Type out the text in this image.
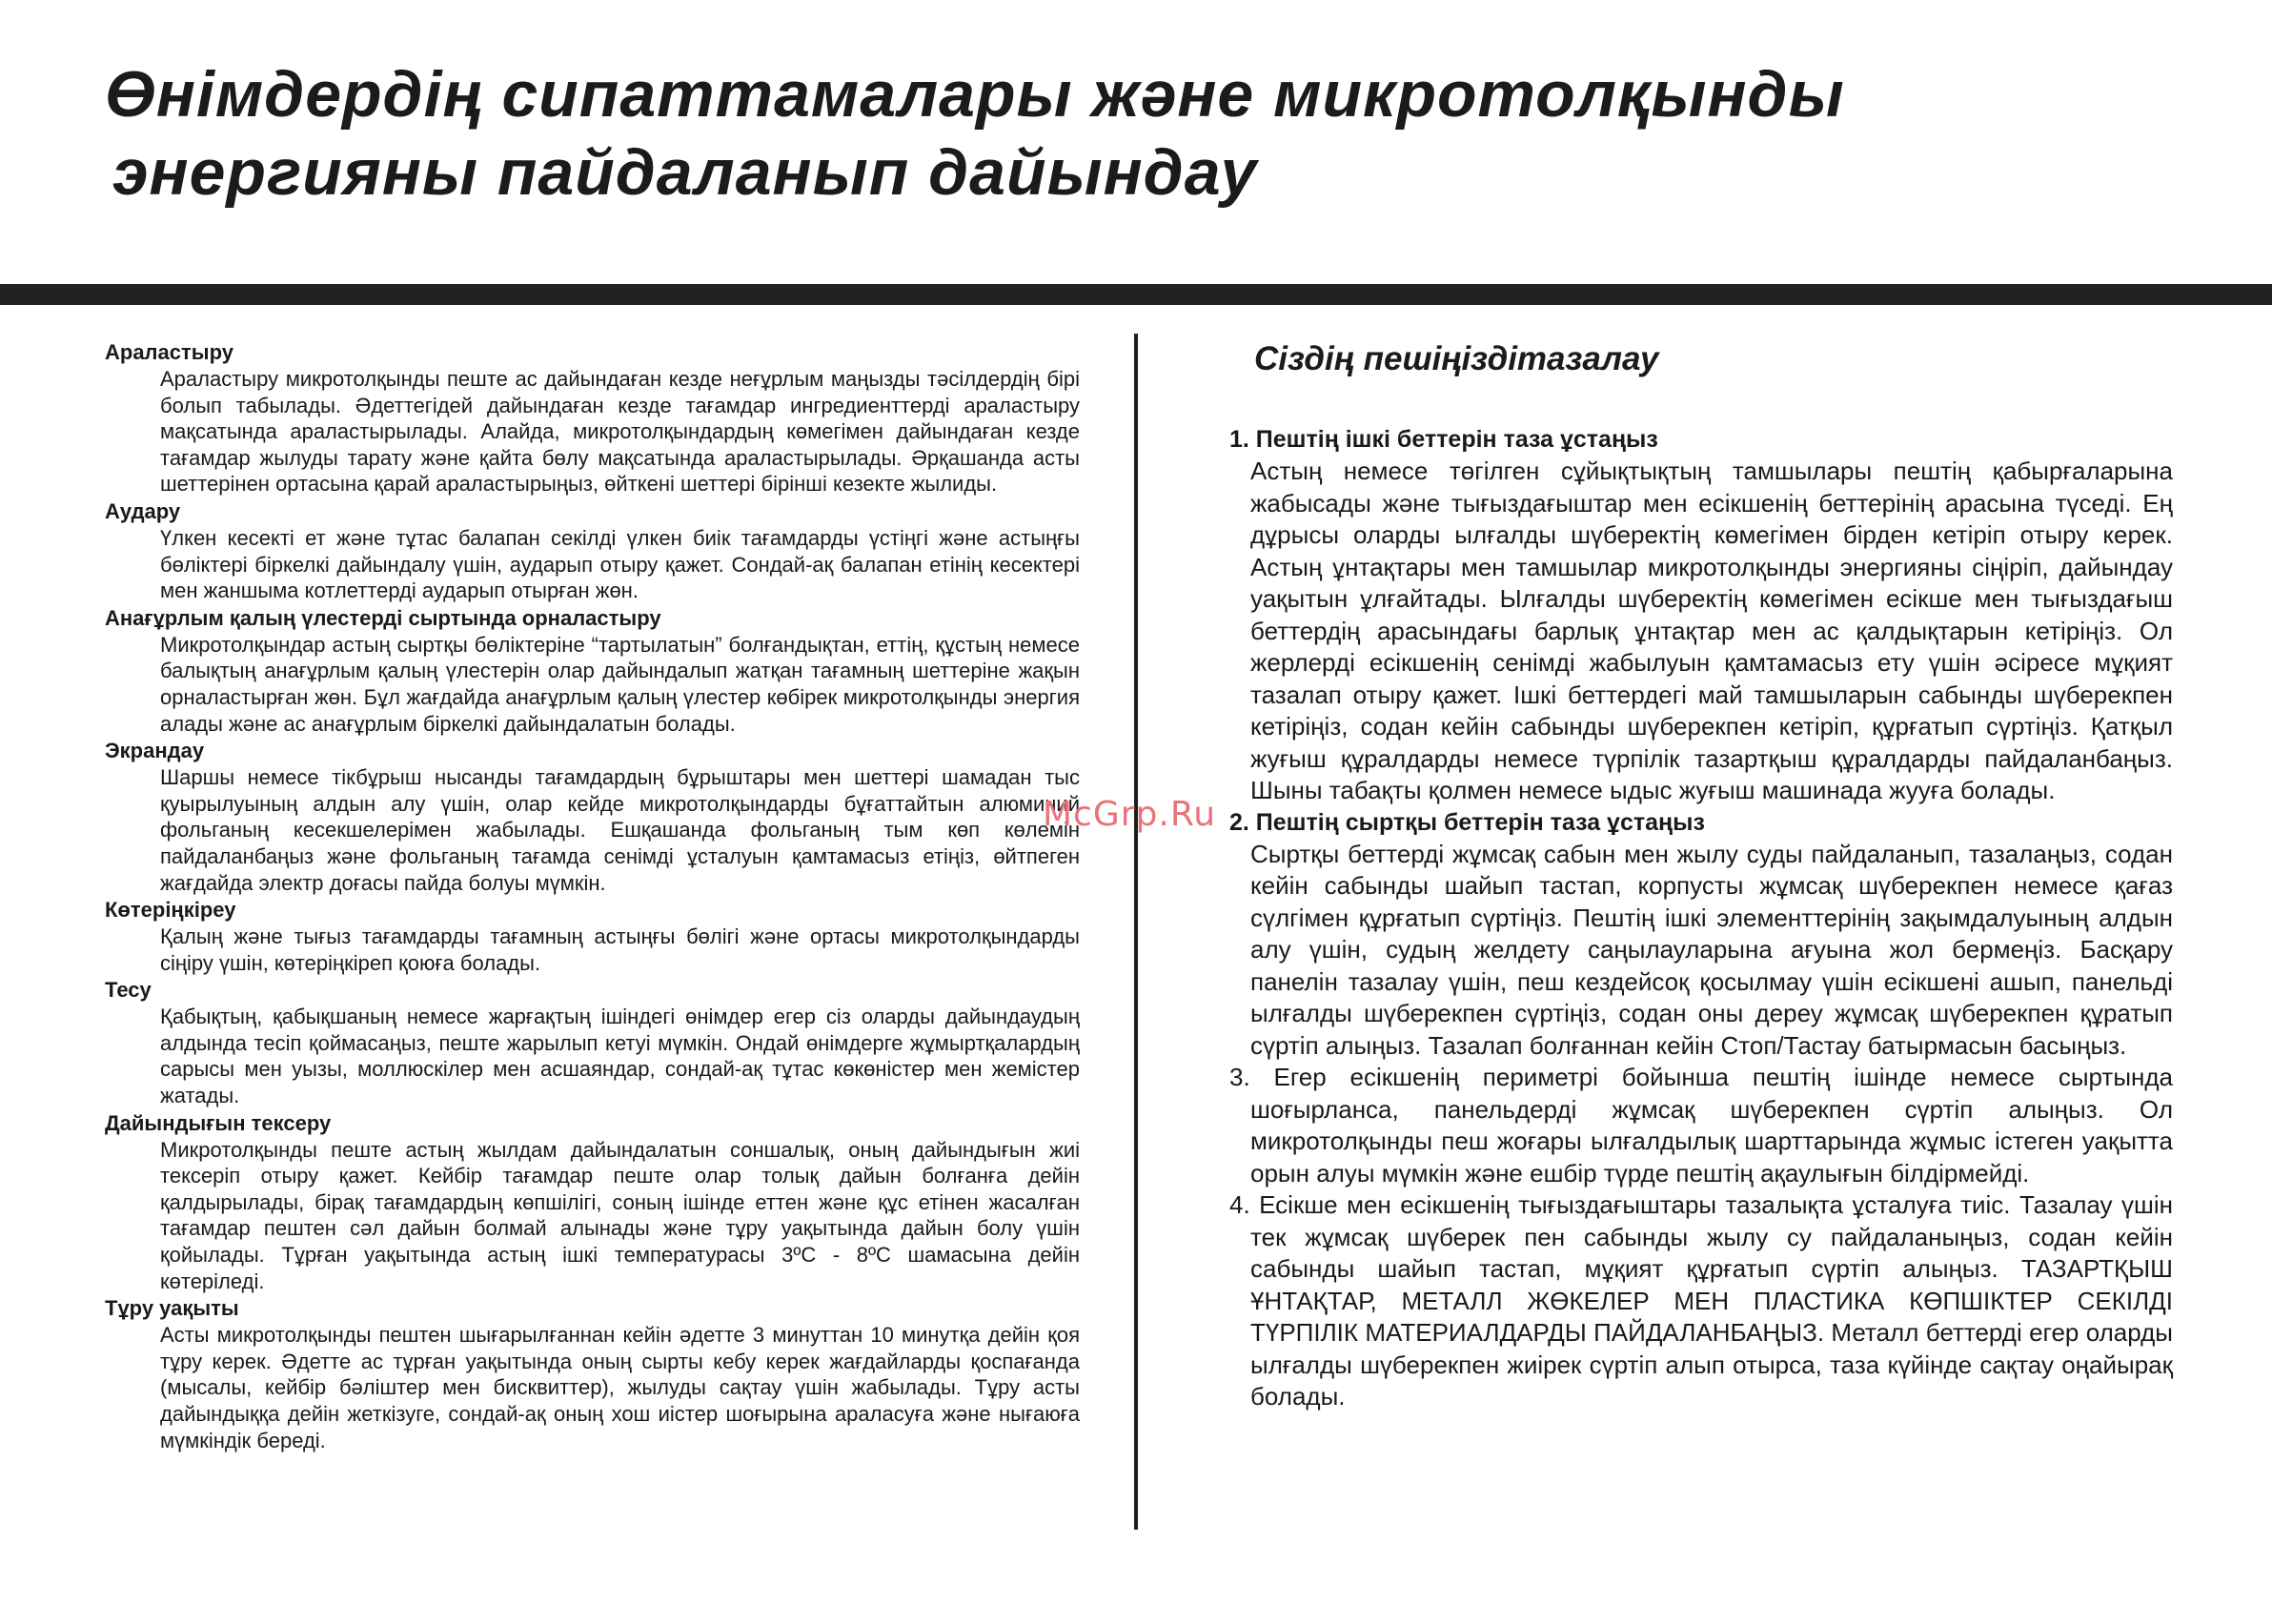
Өнімдердің сипаттамалары және микротолқынды
энергияны пайдаланып дайындау

Араластыру

Араластыру микротолқынды пеште ас дайындаған кезде неғұрлым маңызды тәсілдердің бірі болып табылады. Әдеттегідей дайындаған кезде тағамдар ингредиенттерді араластыру мақсатында араластырылады. Алайда, микротолқындардың көмегімен дайындаған кезде тағамдар жылуды тарату және қайта бөлу мақсатында араластырылады. Әрқашанда асты шеттерінен ортасына қарай араластырыңыз, өйткені шеттері бірінші кезекте жылиды.

Аудару

Үлкен кесекті ет және тұтас балапан секілді үлкен биік тағамдарды үстіңгі және астыңғы бөліктері біркелкі дайындалу үшін, аударып отыру қажет. Сондай-ақ балапан етінің кесектері мен жаншыма котлеттерді аударып отырған жөн.

Анағұрлым қалың үлестерді сыртында орналастыру

Микротолқындар астың сыртқы бөліктеріне “тартылатын” болғандықтан, еттің, құстың немесе балықтың анағұрлым қалың үлестерін олар дайындалып жатқан тағамның шеттеріне жақын орналастырған жөн. Бұл жағдайда анағұрлым қалың үлестер көбірек микротолқынды энергия алады және ас анағұрлым біркелкі дайындалатын болады.

Экрандау

Шаршы немесе тікбұрыш нысанды тағамдардың бұрыштары мен шеттері шамадан тыс қуырылуының алдын алу үшін, олар кейде микротолқындарды бұғаттайтын алюминий фольганың кесекшелерімен жабылады. Ешқашанда фольганың тым көп көлемін пайдаланбаңыз және фольганың тағамда сенімді ұсталуын қамтамасыз етіңіз, өйтпеген жағдайда электр доғасы пайда болуы мүмкін.

Көтеріңкіреу

Қалың және тығыз тағамдарды тағамның астыңғы бөлігі және ортасы микротолқындарды сіңіру үшін, көтеріңкіреп қоюға болады.

Тесу

Қабықтың, қабықшаның немесе жарғақтың ішіндегі өнімдер егер сіз оларды дайындаудың алдында тесіп қоймасаңыз, пеште жарылып кетуі мүмкін. Ондай өнімдерге жұмыртқалардың сарысы мен уызы, моллюскілер мен асшаяндар, сондай-ақ тұтас көкөністер мен жемістер жатады.

Дайындығын тексеру

Микротолқынды пеште астың жылдам дайындалатын соншалық, оның дайындығын жиі тексеріп отыру қажет. Кейбір тағамдар пеште олар толық дайын болғанға дейін қалдырылады, бірақ тағамдардың көпшілігі, соның ішінде еттен және құс етінен жасалған тағамдар пештен сәл дайын болмай алынады және тұру уақытында дайын болу үшін қойылады. Тұрған уақытында астың ішкі температурасы 3ºC - 8ºC шамасына дейін көтеріледі.

Тұру уақыты

Асты микротолқынды пештен шығарылғаннан кейін әдетте 3 минуттан 10 минутқа дейін қоя тұру керек. Әдетте ас тұрған уақытында оның сырты кебу керек жағдайларды қоспағанда (мысалы, кейбір бәліштер мен бисквиттер), жылуды сақтау үшін жабылады. Тұру асты дайындыққа дейін жеткізуге, сондай-ақ оның хош иістер шоғырына араласуға және нығаюға мүмкіндік береді.

Сіздің пешіңіздітазалау

1. Пештің ішкі беттерін таза ұстаңыз

Астың немесе төгілген сұйықтықтың тамшылары пештің қабырғаларына жабысады және тығыздағыштар мен есікшенің беттерінің арасына түседі. Ең дұрысы оларды ылғалды шүберектің көмегімен бірден кетіріп отыру керек. Астың ұнтақтары мен тамшылар микротолқынды энергияны сіңіріп, дайындау уақытын ұлғайтады. Ылғалды шүберектің көмегімен есікше мен тығыздағыш беттердің арасындағы барлық ұнтақтар мен ас қалдықтарын кетіріңіз. Ол жерлерді есікшенің сенімді жабылуын қамтамасыз ету үшін әсіресе мұқият тазалап отыру қажет. Ішкі беттердегі май тамшыларын сабынды шүберекпен кетіріңіз, содан кейін сабынды шүберекпен кетіріп, құрғатып сүртіңіз. Қатқыл жуғыш құралдарды немесе түрпілік тазартқыш құралдарды пайдаланбаңыз. Шыны табақты қолмен немесе ыдыс жуғыш машинада жууға болады.

2. Пештің сыртқы беттерін таза ұстаңыз

Сыртқы беттерді жұмсақ сабын мен жылу суды пайдаланып, тазалаңыз, содан кейін сабынды шайып тастап, корпусты жұмсақ шүберекпен немесе қағаз сүлгімен құрғатып сүртіңіз. Пештің ішкі элементтерінің зақымдалуының алдын алу үшін, судың желдету саңылауларына ағуына жол бермеңіз. Басқару панелін тазалау үшін, пеш кездейсоқ қосылмау үшін есікшені ашып, панельді ылғалды шүберекпен сүртіңіз, содан оны дереу жұмсақ шүберекпен құратып сүртіп алыңыз. Тазалап болғаннан кейін Стоп/Тастау батырмасын басыңыз.

3. Егер есікшенің периметрі бойынша пештің ішінде немесе сыртында шоғырланса, панельдерді жұмсақ шүберекпен сүртіп алыңыз. Ол микротолқынды пеш жоғары ылғалдылық шарттарында жұмыс істеген уақытта орын алуы мүмкін және ешбір түрде пештің ақаулығын білдірмейді.

4. Есікше мен есікшенің тығыздағыштары тазалықта ұсталуға тиіс. Тазалау үшін тек жұмсақ шүберек пен сабынды жылу су пайдаланыңыз, содан кейін сабынды шайып тастап, мұқият құрғатып сүртіп алыңыз. ТАЗАРТҚЫШ ҰНТАҚТАР, МЕТАЛЛ ЖӨКЕЛЕР МЕН ПЛАСТИКА КӨПШІКТЕР СЕКІЛДІ ТҮРПІЛІК МАТЕРИАЛДАРДЫ ПАЙДАЛАНБАҢЫЗ. Металл беттерді егер оларды ылғалды шүберекпен жиірек сүртіп алып отырса, таза күйінде сақтау оңайырақ болады.

McGrp.Ru
